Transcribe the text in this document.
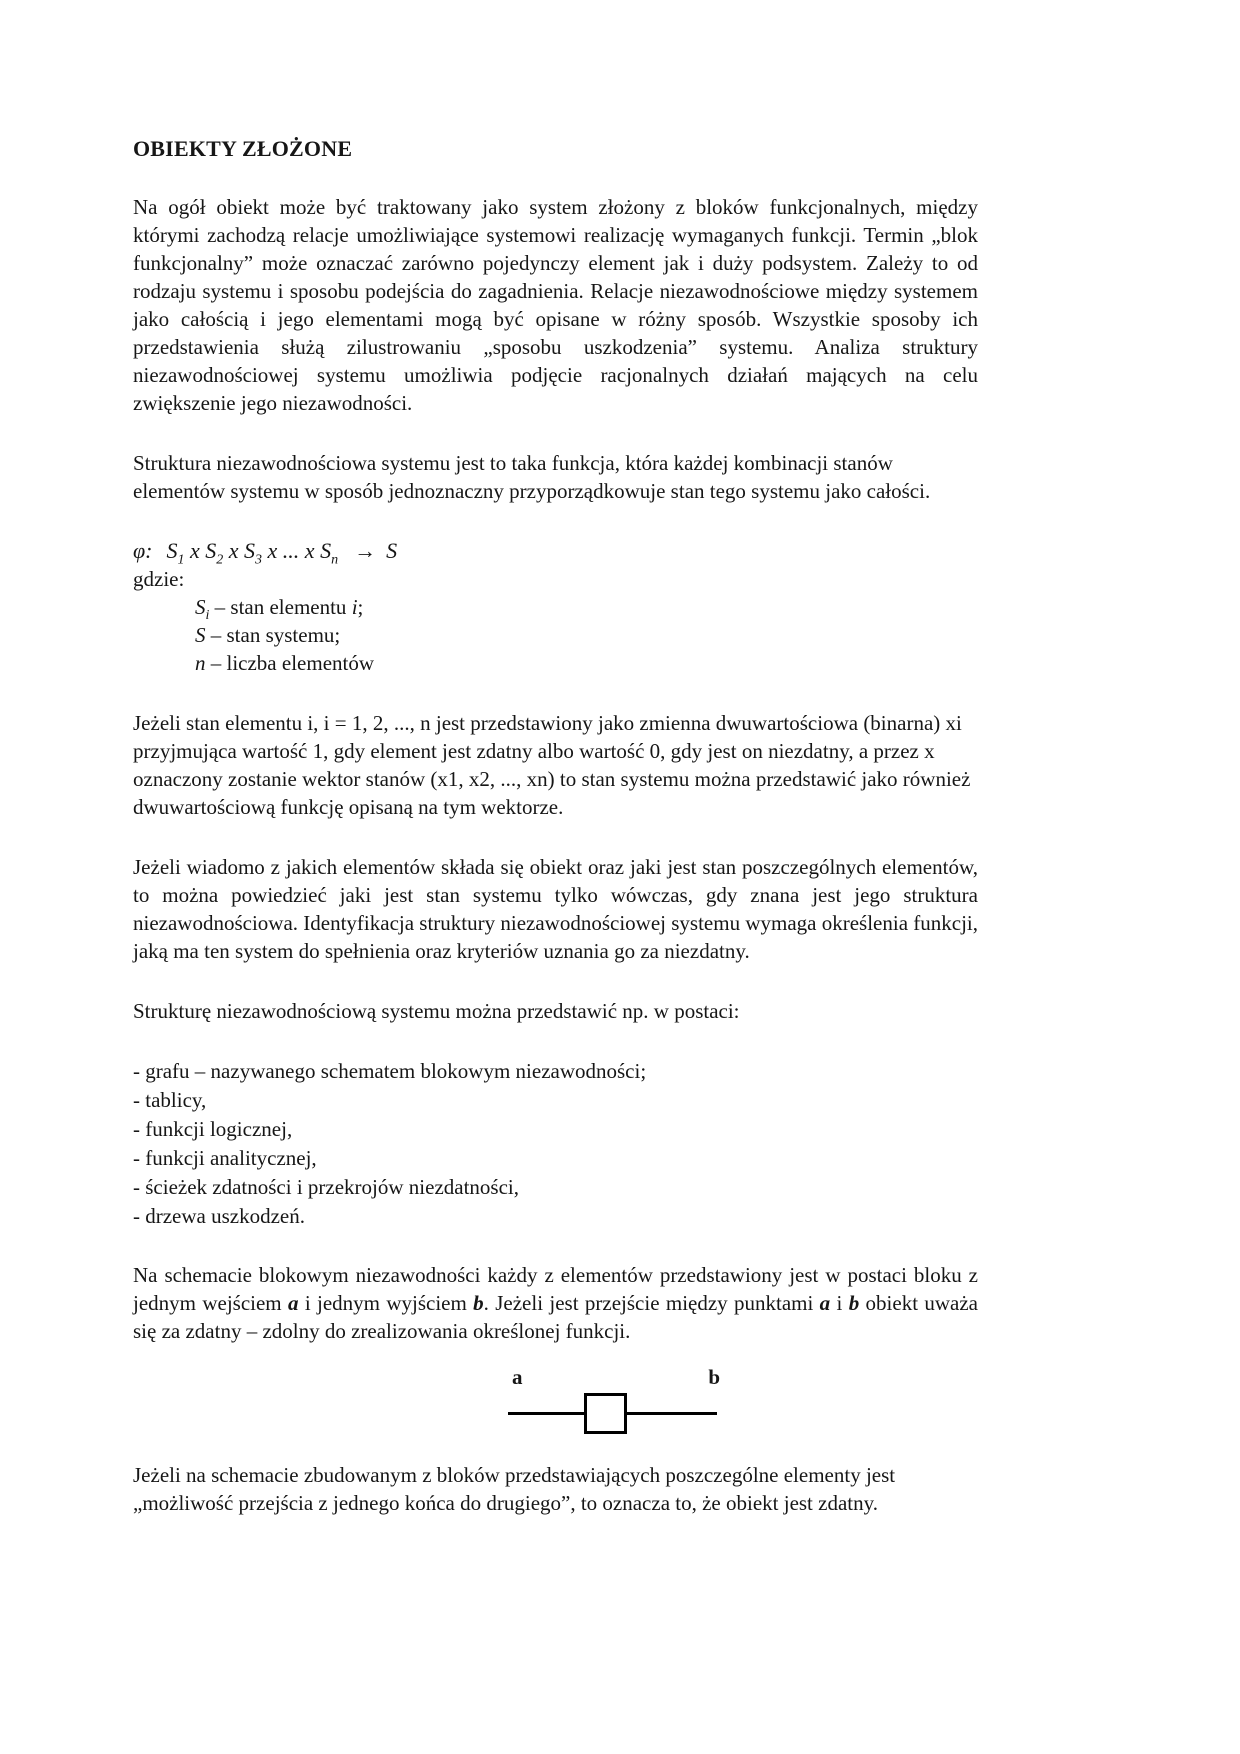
OBIEKTY ZŁOŻONE

Na ogół obiekt może być traktowany jako system złożony z bloków funkcjonalnych, między którymi zachodzą relacje umożliwiające systemowi realizację wymaganych funkcji. Termin „blok funkcjonalny” może oznaczać zarówno pojedynczy element jak i duży podsystem. Zależy to od rodzaju systemu i sposobu podejścia do zagadnienia. Relacje niezawodnościowe między systemem jako całością i jego elementami mogą być opisane w różny sposób. Wszystkie sposoby ich przedstawienia służą zilustrowaniu „sposobu uszkodzenia” systemu. Analiza struktury niezawodnościowej systemu umożliwia podjęcie racjonalnych działań mających na celu zwiększenie jego niezawodności.

Struktura niezawodnościowa systemu jest to taka funkcja, która każdej kombinacji stanów elementów systemu w sposób jednoznaczny przyporządkowuje stan tego systemu jako całości.

φ: $S_1$ x $S_2$ x $S_3$ x ... x $S_n \to S$
gdzie:
$S_i$ – stan elementu i;
S – stan systemu;
n – liczba elementów

Jeżeli stan elementu i, i = 1, 2, ..., n jest przedstawiony jako zmienna dwuwartościowa (binarna) xi przyjmująca wartość 1, gdy element jest zdatny albo wartość 0, gdy jest on niezdatny, a przez x oznaczony zostanie wektor stanów (x1, x2, ..., xn) to stan systemu można przedstawić jako również dwuwartościową funkcję opisaną na tym wektorze.

Jeżeli wiadomo z jakich elementów składa się obiekt oraz jaki jest stan poszczególnych elementów, to można powiedzieć jaki jest stan systemu tylko wówczas, gdy znana jest jego struktura niezawodnościowa. Identyfikacja struktury niezawodnościowej systemu wymaga określenia funkcji, jaką ma ten system do spełnienia oraz kryteriów uznania go za niezdatny.

Strukturę niezawodnościową systemu można przedstawić np. w postaci:

- grafu – nazywanego schematem blokowym niezawodności;
- tablicy,
- funkcji logicznej,
- funkcji analitycznej,
- ścieżek zdatności i przekrojów niezdatności,
- drzewa uszkodzeń.

Na schemacie blokowym niezawodności każdy z elementów przedstawiony jest w postaci bloku z jednym wejściem a i jednym wyjściem b. Jeżeli jest przejście między punktami a i b obiekt uważa się za zdatny – zdolny do zrealizowania określonej funkcji.

a	b

Jeżeli na schemacie zbudowanym z bloków przedstawiających poszczególne elementy jest „możliwość przejścia z jednego końca do drugiego”, to oznacza to, że obiekt jest zdatny.
